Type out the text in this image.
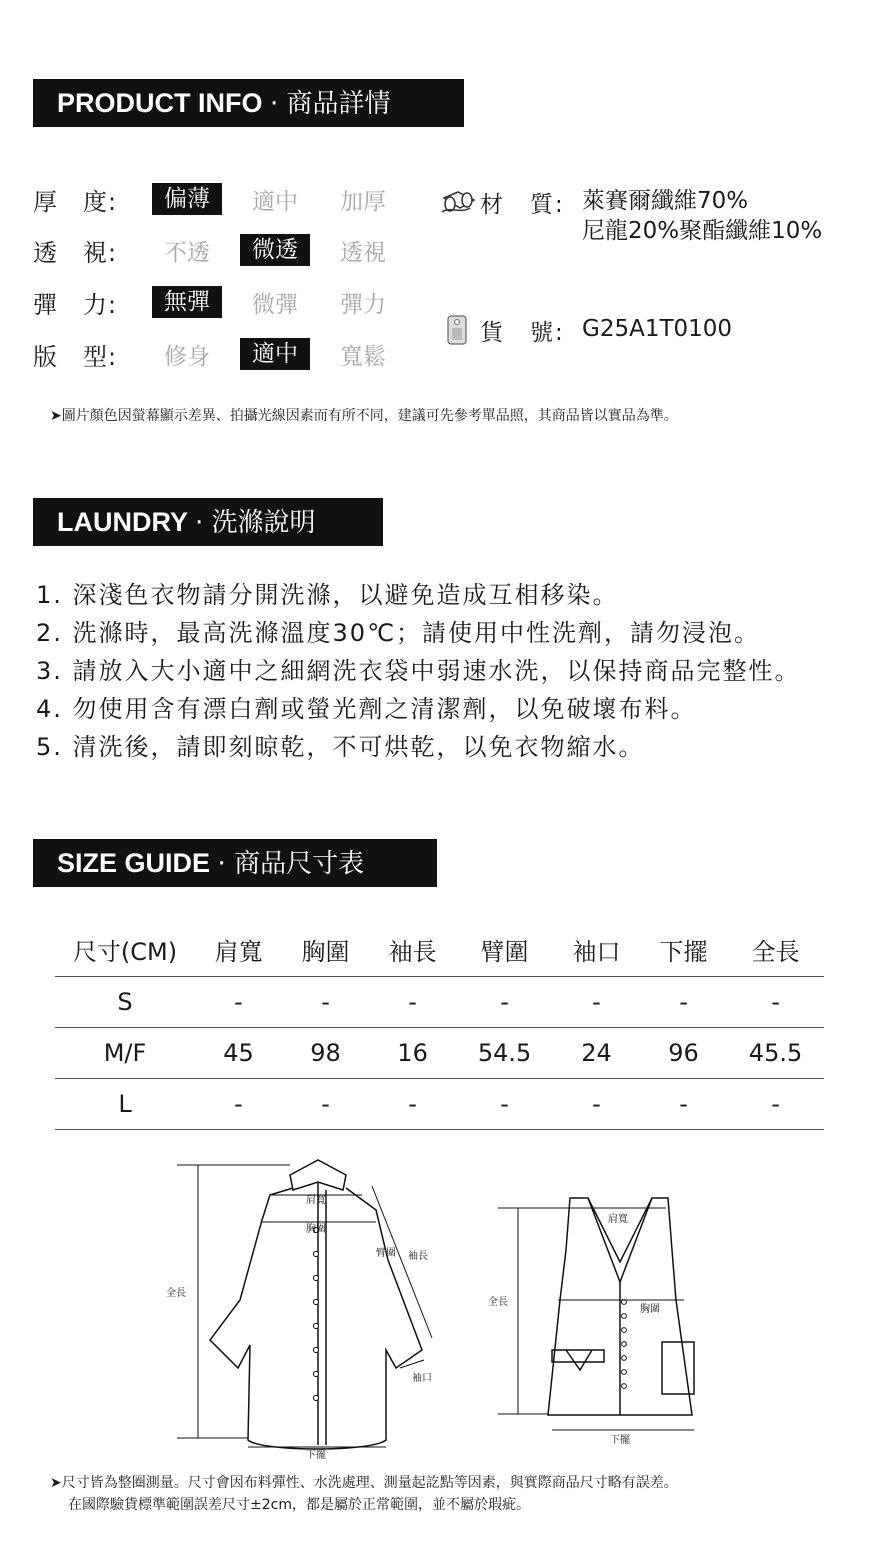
PRODUCT INFO · 商品詳情
厚　度:	偏薄	適中	加厚
透　視:	不透	微透	透視
彈　力:	無彈	微彈	彈力
版　型:	修身	適中	寬鬆
材　質: 萊賽爾纖維70%
尼龍20%聚酯纖維10%
貨　號: G25A1T0100
➤圖片顏色因螢幕顯示差異、拍攝光線因素而有所不同，建議可先參考單品照，其商品皆以實品為準。
LAUNDRY · 洗滌說明
1. 深淺色衣物請分開洗滌，以避免造成互相移染。
2. 洗滌時，最高洗滌溫度30℃；請使用中性洗劑，請勿浸泡。
3. 請放入大小適中之細網洗衣袋中弱速水洗，以保持商品完整性。
4. 勿使用含有漂白劑或螢光劑之清潔劑，以免破壞布料。
5. 清洗後，請即刻晾乾，不可烘乾，以免衣物縮水。
SIZE GUIDE · 商品尺寸表
尺寸(CM)	肩寬	胸圍	袖長	臂圍	袖口	下擺	全長
S	-	-	-	-	-	-	-
M/F	45	98	16	54.5	24	96	45.5
L	-	-	-	-	-	-	-
全長
肩寬
胸圍
臂圍 袖長
袖口
下擺
全長
肩寬
胸圍
下擺
➤尺寸皆為整圈測量。尺寸會因布料彈性、水洗處理、測量起訖點等因素，與實際商品尺寸略有誤差。
在國際驗貨標準範圍誤差尺寸±2cm，都是屬於正常範圍，並不屬於瑕疵。
